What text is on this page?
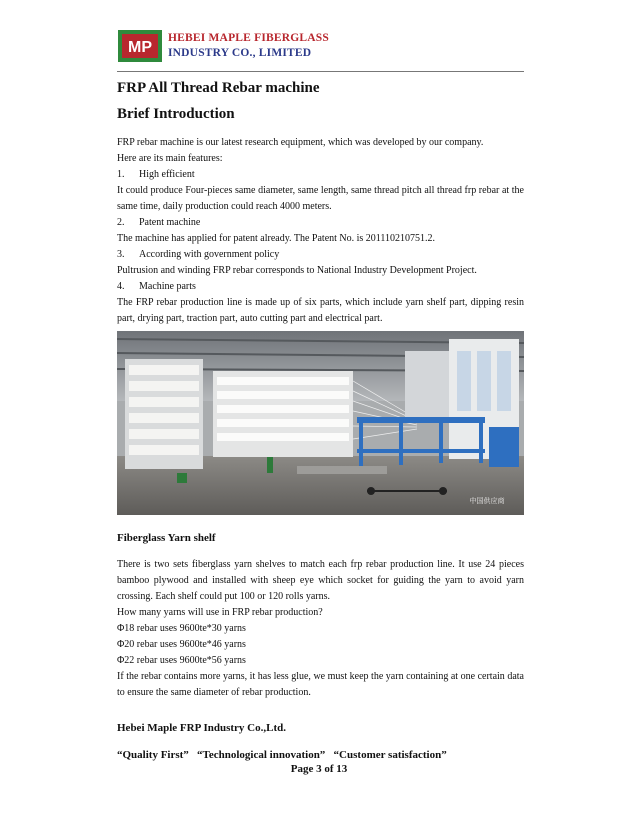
MP
HEBEI MAPLE FIBERGLASS
INDUSTRY CO., LIMITED
FRP All Thread Rebar machine
Brief Introduction

FRP rebar machine is our latest research equipment, which was developed by our company.

Here are its main features:

1. High efficient

It could produce Four-pieces same diameter, same length, same thread pitch all thread frp rebar at the same time, daily production could reach 4000 meters.

2. Patent machine

The machine has applied for patent already. The Patent No. is 201110210751.2.

3. According with government policy

Pultrusion and winding FRP rebar corresponds to National Industry Development Project.

4. Machine parts

The FRP rebar production line is made up of six parts, which include yarn shelf part, dipping resin part, drying part, traction part, auto cutting part and electrical part.

中国供应商
Fiberglass Yarn shelf

There is two sets fiberglass yarn shelves to match each frp rebar production line. It use 24 pieces bamboo plywood and installed with sheep eye which socket for guiding the yarn to avoid yarn crossing. Each shelf could put 100 or 120 rolls yarns.

How many yarns will use in FRP rebar production?

Φ18 rebar uses 9600te*30 yarns

Φ20 rebar uses 9600te*46 yarns

Φ22 rebar uses 9600te*56 yarns

If the rebar contains more yarns, it has less glue, we must keep the yarn containing at one certain data to ensure the same diameter of rebar production.

Hebei Maple FRP Industry Co.,Ltd.

“Quality First”   “Technological innovation”   “Customer satisfaction”

Page 3 of 13
